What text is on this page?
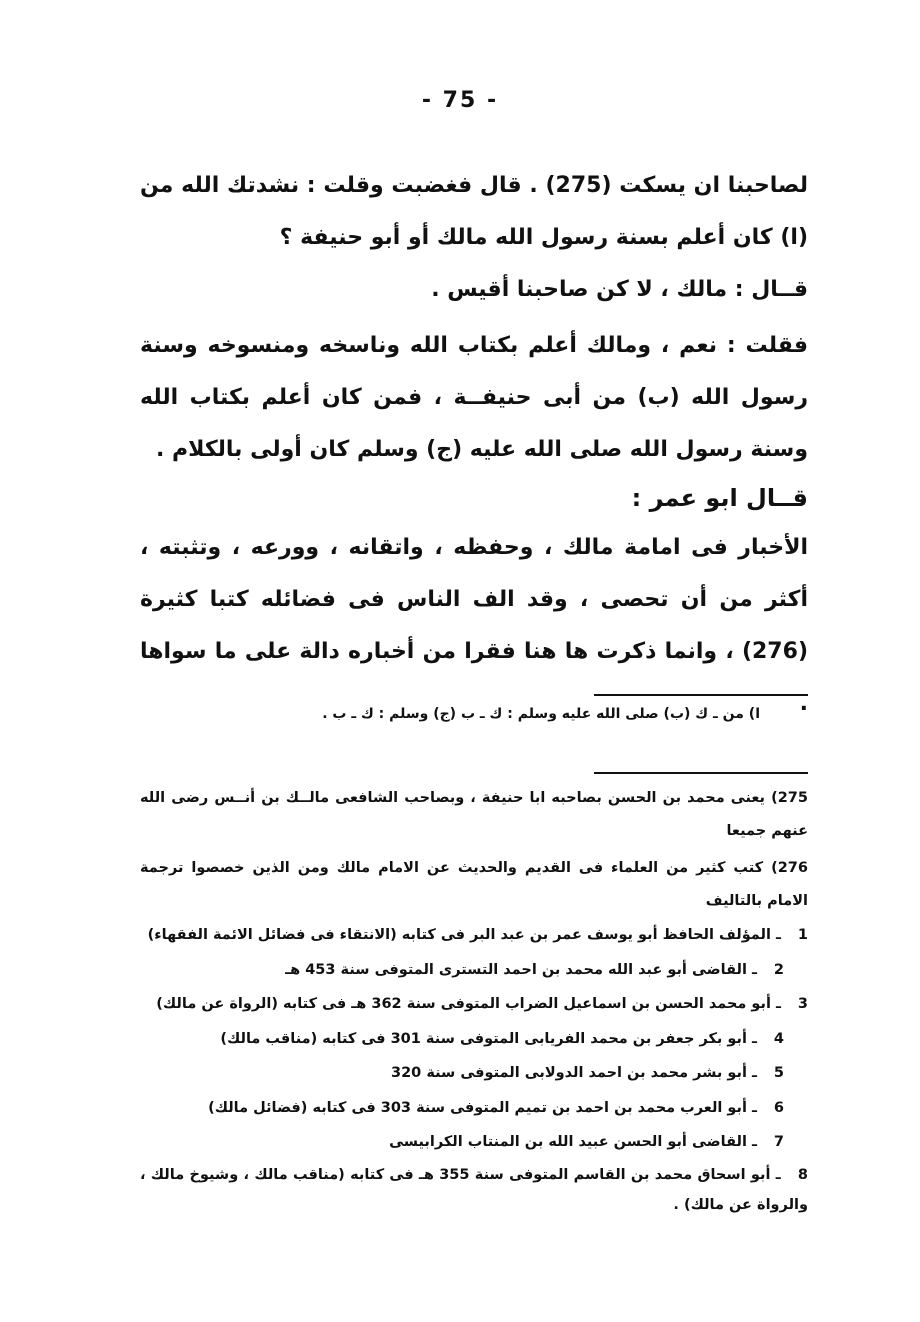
- 75 -

لصاحبنا ان يسكت (275) . قال فغضبت وقلت : نشدتك الله من (ا) كان أعلم بسنة رسول الله مالك أو أبو حنيفة ؟

قــال : مالك ، لا كن صاحبنا أقيس .

فقلت : نعم ، ومالك أعلم بكتاب الله وناسخه ومنسوخه وسنة رسول الله (ب) من أبى حنيفــة ، فمن كان أعلم بكتاب الله وسنة رسول الله صلى الله عليه (ج) وسلم كان أولى بالكلام .

قــال ابو عمر :

الأخبار فى امامة مالك ، وحفظه ، واتقانه ، وورعه ، وتثبته ، أكثر من أن تحصى ، وقد الف الناس فى فضائله كتبا كثيرة (276) ، وانما ذكرت ها هنا فقرا من أخباره دالة على ما سواها .

ا) من ـ ك (ب) صلى الله عليه وسلم : ك ـ ب (ج) وسلم : ك ـ ب .

275) يعنى محمد بن الحسن بصاحبه ابا حنيفة ، وبصاحب الشافعى مالــك بن أنــس رضى الله عنهم جميعا

276) كتب كثير من العلماء فى القديم والحديث عن الامام مالك ومن الذين خصصوا ترجمة الامام بالتاليف

1 ـ المؤلف الحافظ أبو يوسف عمر بن عبد البر فى كتابه (الانتقاء فى فضائل الائمة الفقهاء)
2 ـ القاضى أبو عبد الله محمد بن احمد التسترى المتوفى سنة 453 هـ
3 ـ أبو محمد الحسن بن اسماعيل الضراب المتوفى سنة 362 هـ فى كتابه (الرواة عن مالك)
4 ـ أبو بكر جعفر بن محمد الفريابى المتوفى سنة 301 فى كتابه (مناقب مالك)
5 ـ أبو بشر محمد بن احمد الدولابى المتوفى سنة 320
6 ـ أبو العرب محمد بن احمد بن تميم المتوفى سنة 303 فى كتابه (فضائل مالك)
7 ـ القاضى أبو الحسن عبيد الله بن المنتاب الكرابيسى
8 ـ أبو اسحاق محمد بن القاسم المتوفى سنة 355 هـ فى كتابه (مناقب مالك ، وشيوخ مالك ، والرواة عن مالك) .
